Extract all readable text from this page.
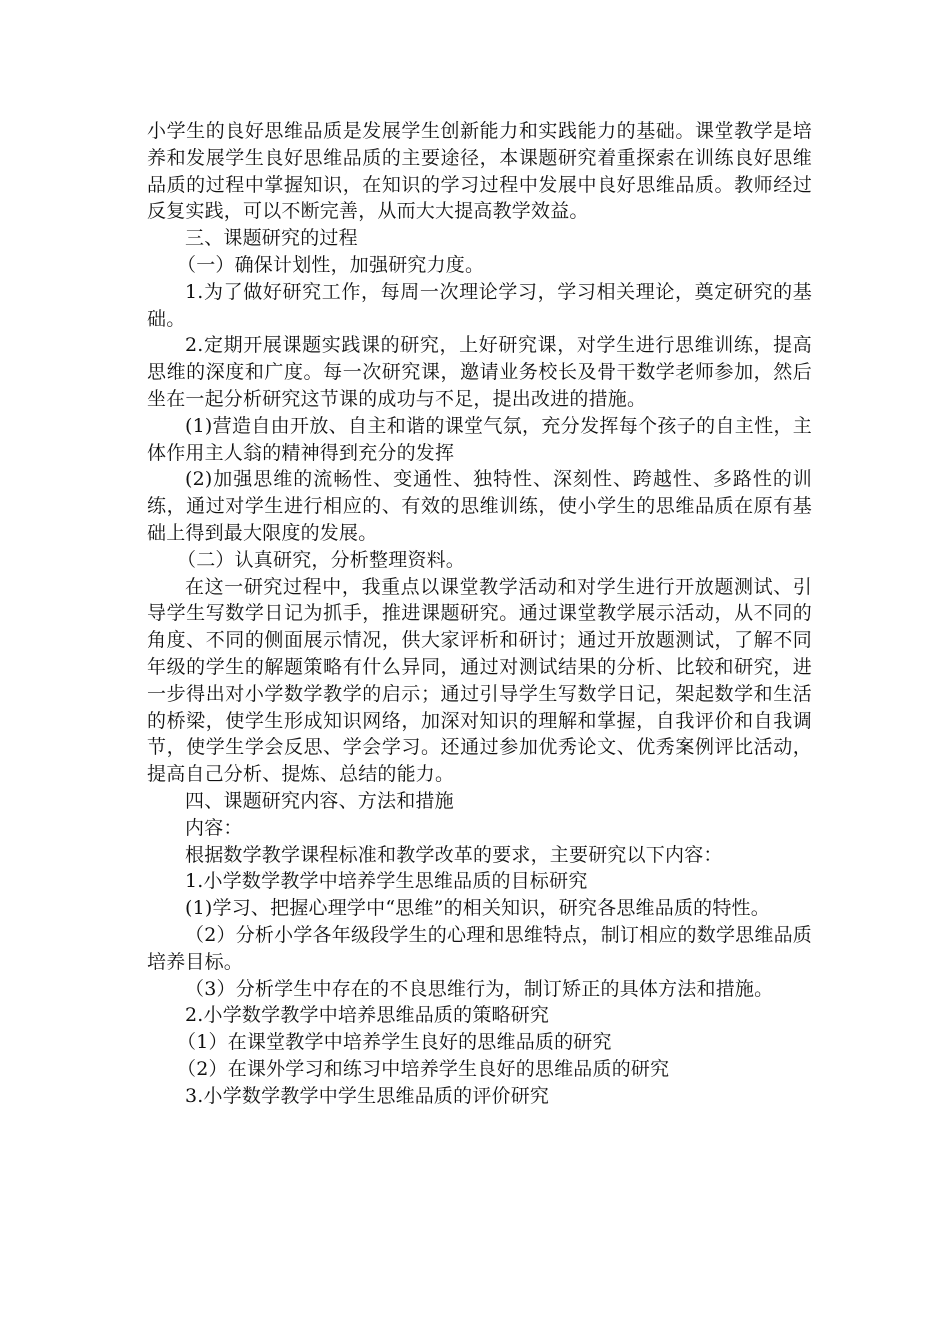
小学生的良好思维品质是发展学生创新能力和实践能力的基础。课堂教学是培养和发展学生良好思维品质的主要途径，本课题研究着重探索在训练良好思维品质的过程中掌握知识，在知识的学习过程中发展中良好思维品质。教师经过反复实践，可以不断完善，从而大大提高教学效益。

三、课题研究的过程

（一）确保计划性，加强研究力度。

1.为了做好研究工作，每周一次理论学习，学习相关理论，奠定研究的基础。

2.定期开展课题实践课的研究，上好研究课，对学生进行思维训练，提高思维的深度和广度。每一次研究课，邀请业务校长及骨干数学老师参加，然后坐在一起分析研究这节课的成功与不足，提出改进的措施。

(1)营造自由开放、自主和谐的课堂气氛，充分发挥每个孩子的自主性，主体作用主人翁的精神得到充分的发挥

(2)加强思维的流畅性、变通性、独特性、深刻性、跨越性、多路性的训练，通过对学生进行相应的、有效的思维训练，使小学生的思维品质在原有基础上得到最大限度的发展。

（二）认真研究，分析整理资料。

在这一研究过程中，我重点以课堂教学活动和对学生进行开放题测试、引导学生写数学日记为抓手，推进课题研究。通过课堂教学展示活动，从不同的角度、不同的侧面展示情况，供大家评析和研讨；通过开放题测试，了解不同年级的学生的解题策略有什么异同，通过对测试结果的分析、比较和研究，进一步得出对小学数学教学的启示；通过引导学生写数学日记，架起数学和生活的桥梁，使学生形成知识网络，加深对知识的理解和掌握，自我评价和自我调节，使学生学会反思、学会学习。还通过参加优秀论文、优秀案例评比活动，提高自己分析、提炼、总结的能力。

四、课题研究内容、方法和措施

内容：

根据数学教学课程标准和教学改革的要求，主要研究以下内容：

1.小学数学教学中培养学生思维品质的目标研究

(1)学习、把握心理学中“思维”的相关知识，研究各思维品质的特性。

（2）分析小学各年级段学生的心理和思维特点，制订相应的数学思维品质培养目标。

（3）分析学生中存在的不良思维行为，制订矫正的具体方法和措施。

2.小学数学教学中培养思维品质的策略研究

（1）在课堂教学中培养学生良好的思维品质的研究

（2）在课外学习和练习中培养学生良好的思维品质的研究

3.小学数学教学中学生思维品质的评价研究
